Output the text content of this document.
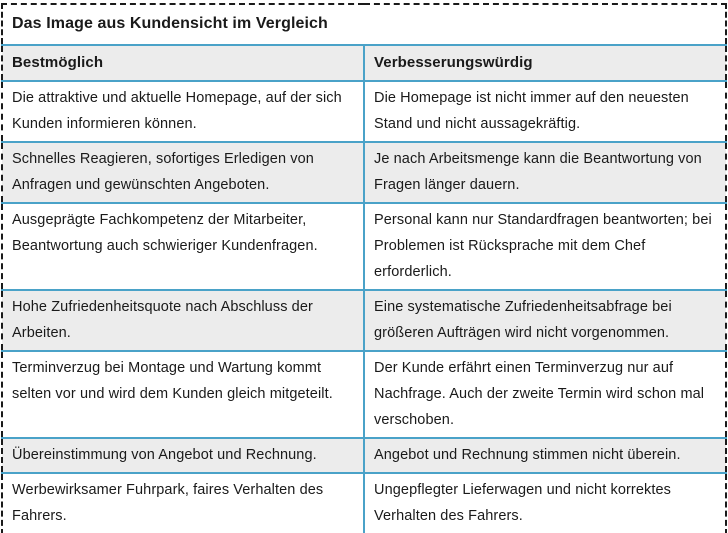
Das Image aus Kundensicht im Vergleich	
Bestmöglich	Verbesserungswürdig
Die attraktive und aktuelle Homepage, auf der sich Kunden informieren können.	Die Homepage ist nicht immer auf den neuesten Stand und nicht aussagekräftig.
Schnelles Reagieren, sofortiges Erledigen von Anfragen und gewünschten Angeboten.	Je nach Arbeitsmenge kann die Beantwortung von Fragen länger dauern.
Ausgeprägte Fachkompetenz der Mitarbeiter, Beantwortung auch schwieriger Kundenfragen.	Personal kann nur Standardfragen beantworten; bei Problemen ist Rücksprache mit dem Chef erforderlich.
Hohe Zufriedenheitsquote nach Abschluss der Arbeiten.	Eine systematische Zufriedenheitsabfrage bei größeren Aufträgen wird nicht vorgenommen.
Terminverzug bei Montage und Wartung kommt selten vor und wird dem Kunden gleich mitgeteilt.	Der Kunde erfährt einen Terminverzug nur auf Nachfrage. Auch der zweite Termin wird schon mal verschoben.
Übereinstimmung von Angebot und Rechnung.	Angebot und Rechnung stimmen nicht überein.
Werbewirksamer Fuhrpark, faires Verhalten des Fahrers.	Ungepflegter Lieferwagen und nicht korrektes Verhalten des Fahrers.
